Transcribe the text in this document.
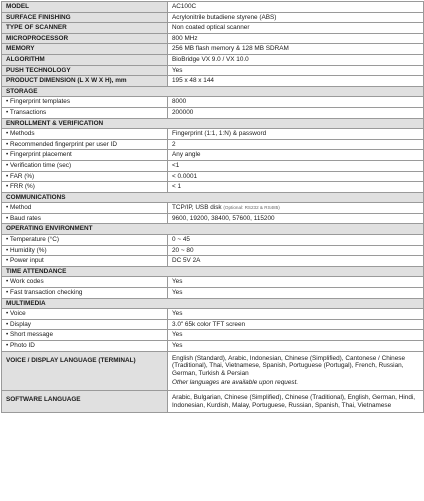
MODEL	AC100C
SURFACE FINISHING	Acrylonitrile butadiene styrene (ABS)
TYPE OF SCANNER	Non coated optical scanner
MICROPROCESSOR	800 MHz
MEMORY	256 MB flash memory & 128 MB SDRAM
ALGORITHM	BioBridge VX 9.0 / VX 10.0
PUSH TECHNOLOGY	Yes
PRODUCT DIMENSION (L X W X H), mm	195 x 48 x 144
STORAGE	
• Fingerprint templates	8000
• Transactions	200000
ENROLLMENT & VERIFICATION	
• Methods	Fingerprint (1:1, 1:N) & password
• Recommended fingerprint per user ID	2
• Fingerprint placement	Any angle
• Verification time (sec)	<1
• FAR (%)	< 0.0001
• FRR (%)	< 1
COMMUNICATIONS	
• Method	TCP/IP, USB disk (Optional: RS232 & RS485)
• Baud rates	9600, 19200, 38400, 57600, 115200
OPERATING ENVIRONMENT	
• Temperature (°C)	0 ~ 45
• Humidity (%)	20 ~ 80
• Power input	DC 5V 2A
TIME ATTENDANCE	
• Work codes	Yes
• Fast transaction checking	Yes
MULTIMEDIA	
• Voice	Yes
• Display	3.0" 65k color TFT screen
• Short message	Yes
• Photo ID	Yes
VOICE / DISPLAY LANGUAGE (TERMINAL)	English (Standard), Arabic, Indonesian, Chinese (Simplified), Cantonese / Chinese (Traditional), Thai, Vietnamese, Spanish, Portuguese (Portugal), French, Russian, German, Turkish & Persian
Other languages are available upon request.

SOFTWARE LANGUAGE	Arabic, Bulgarian, Chinese (Simplified), Chinese (Traditional), English, German, Hindi, Indonesian, Kurdish, Malay, Portuguese, Russian, Spanish, Thai, Vietnamese
